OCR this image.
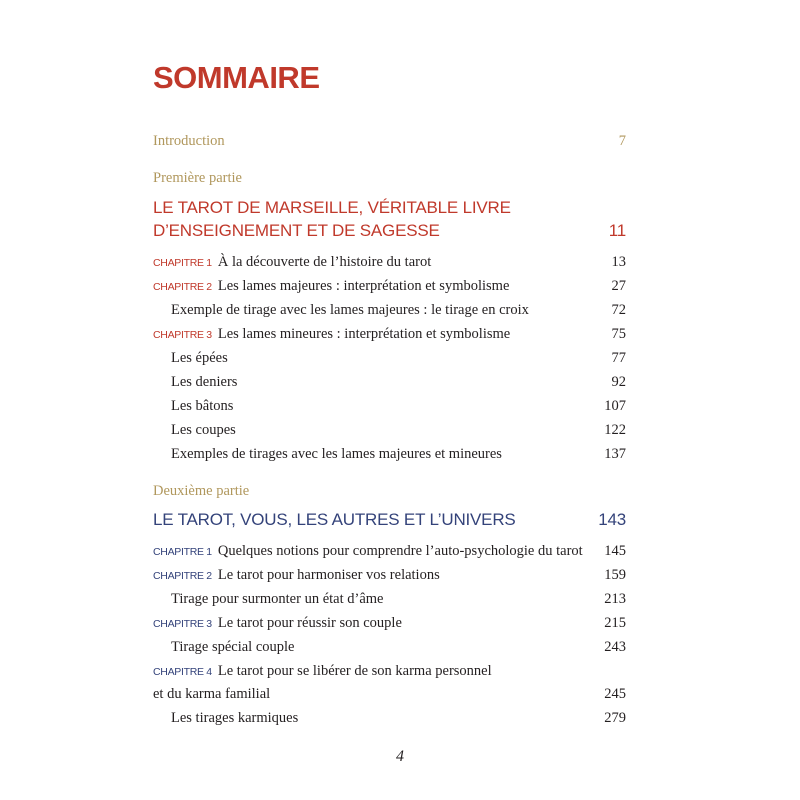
SOMMAIRE
Introduction	7
Première partie
LE TAROT DE MARSEILLE, VÉRITABLE LIVRE
D’ENSEIGNEMENT ET DE SAGESSE	11
CHAPITRE 1 À la découverte de l’histoire du tarot	13
CHAPITRE 2 Les lames majeures : interprétation et symbolisme	27
Exemple de tirage avec les lames majeures : le tirage en croix	72
CHAPITRE 3 Les lames mineures : interprétation et symbolisme	75
Les épées	77
Les deniers	92
Les bâtons	107
Les coupes	122
Exemples de tirages avec les lames majeures et mineures	137
Deuxième partie
LE TAROT, VOUS, LES AUTRES ET L’UNIVERS	143
CHAPITRE 1 Quelques notions pour comprendre l’auto-psychologie du tarot 145
CHAPITRE 2 Le tarot pour harmoniser vos relations	159
Tirage pour surmonter un état d’âme	213
CHAPITRE 3 Le tarot pour réussir son couple	215
Tirage spécial couple	243
CHAPITRE 4 Le tarot pour se libérer de son karma personnel
et du karma familial	245
Les tirages karmiques	279
4
